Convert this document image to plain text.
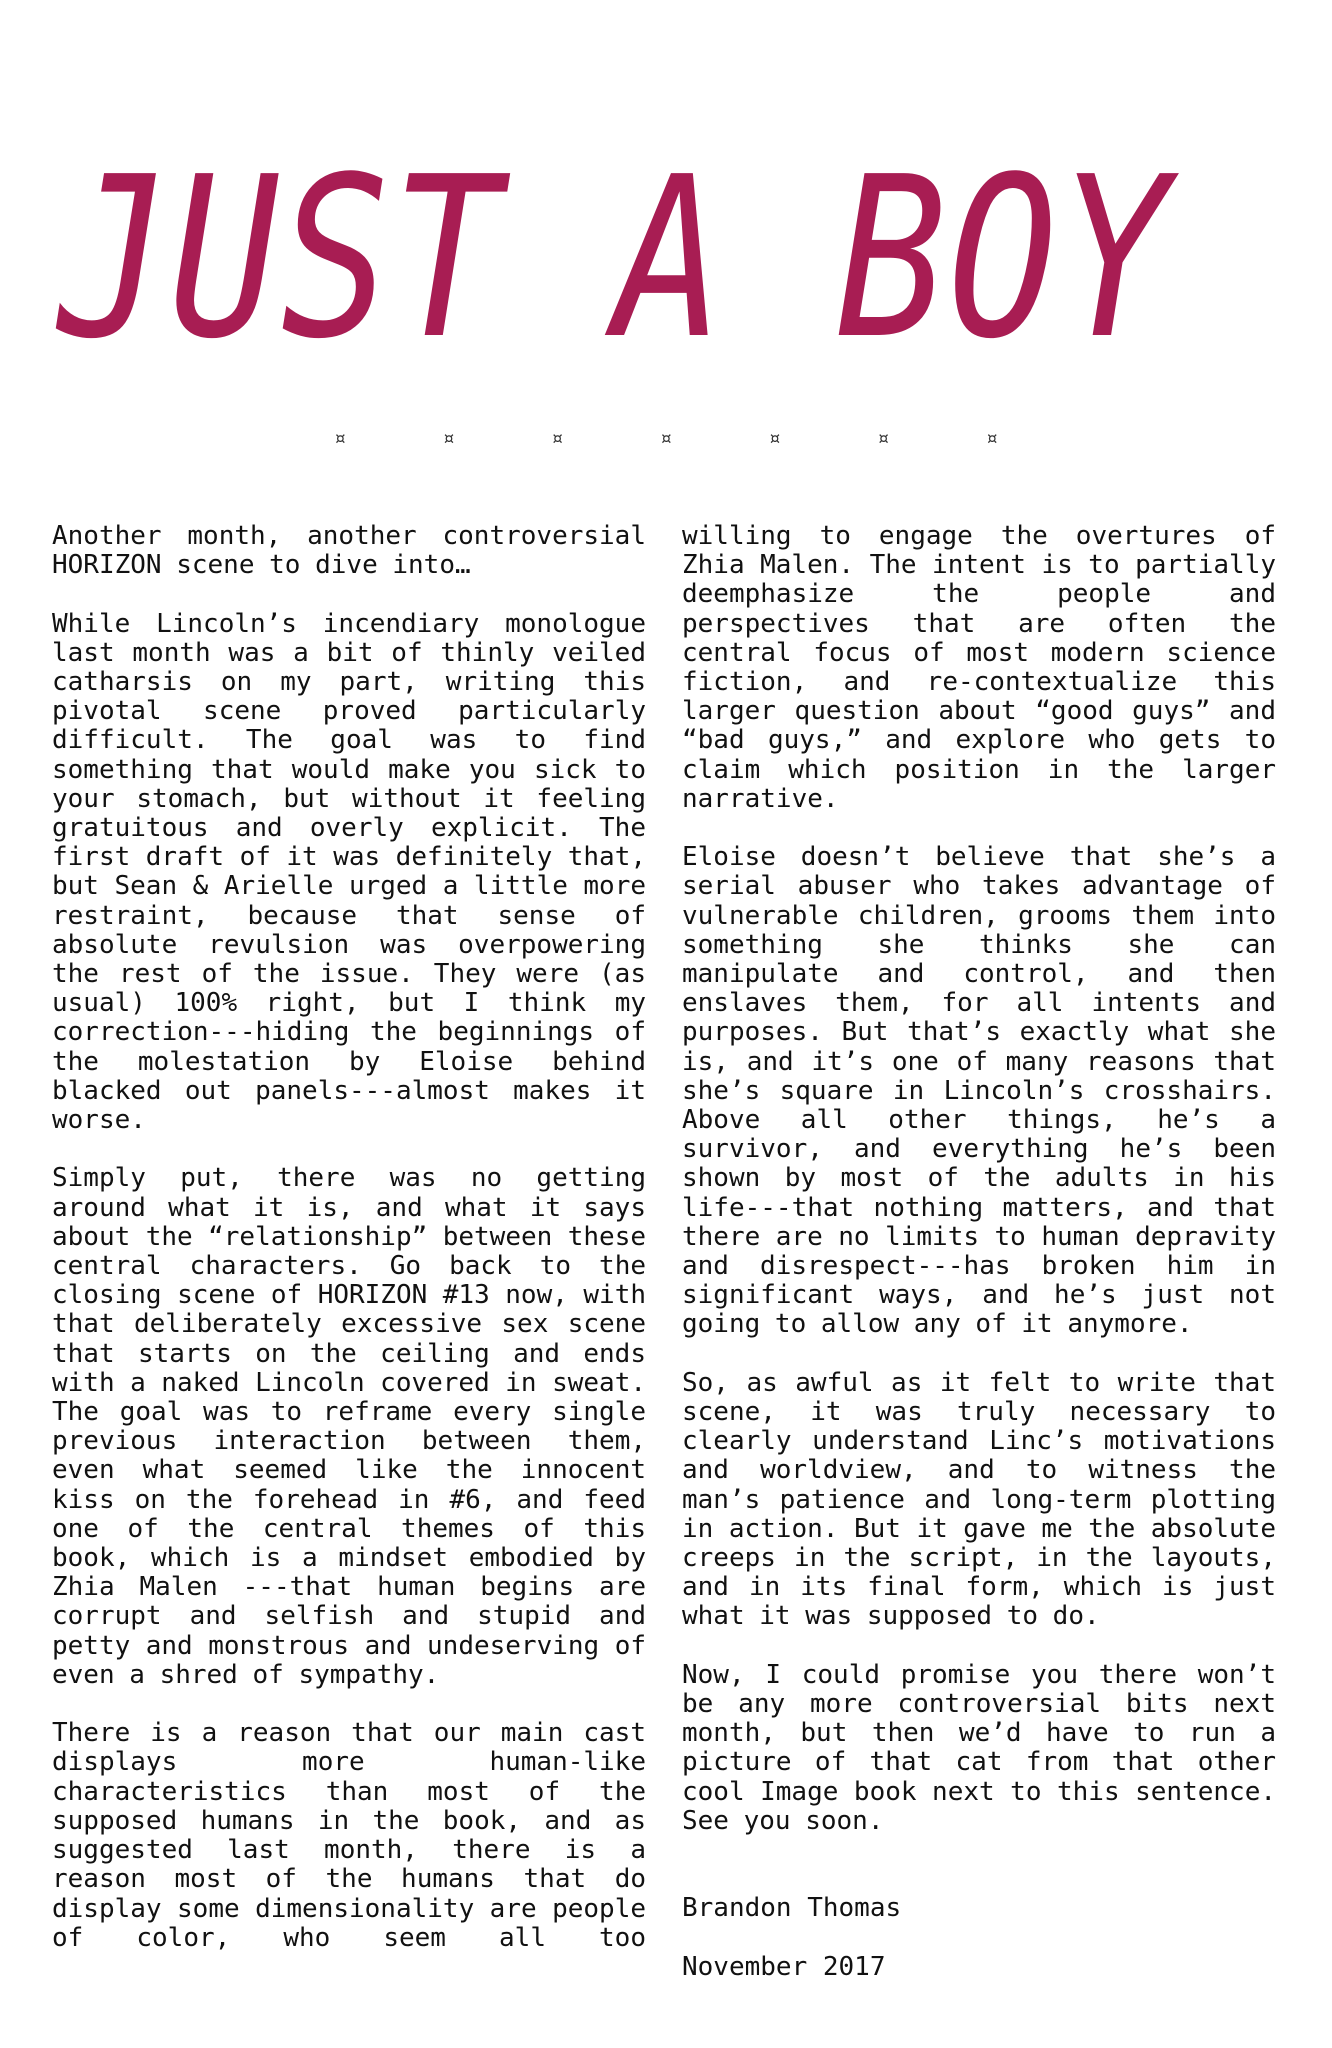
JUST A BOY
¤	¤	¤	¤	¤	¤	¤

Another month, another controversial HORIZON scene to dive into…

While Lincoln’s incendiary monologue last month was a bit of thinly veiled catharsis on my part, writing this pivotal scene proved particularly difficult. The goal was to find something that would make you sick to your stomach, but without it feeling gratuitous and overly explicit. The first draft of it was definitely that, but Sean & Arielle urged a little more restraint, because that sense of absolute revulsion was overpowering the rest of the issue. They were (as usual) 100% right, but I think my correction---hiding the beginnings of the molestation by Eloise behind blacked out panels---almost makes it worse.

Simply put, there was no getting around what it is, and what it says about the “relationship” between these central characters. Go back to the closing scene of HORIZON #13 now, with that deliberately excessive sex scene that starts on the ceiling and ends with a naked Lincoln covered in sweat. The goal was to reframe every single previous interaction between them, even what seemed like the innocent kiss on the forehead in #6, and feed one of the central themes of this book, which is a mindset embodied by Zhia Malen ---that human begins are corrupt and selfish and stupid and petty and monstrous and undeserving of even a shred of sympathy.

There is a reason that our main cast displays more human-like characteristics than most of the supposed humans in the book, and as suggested last month, there is a reason most of the humans that do display some dimensionality are people of color, who seem all too

willing to engage the overtures of Zhia Malen. The intent is to partially deemphasize the people and perspectives that are often the central focus of most modern science fiction, and re-contextualize this larger question about “good guys” and “bad guys,” and explore who gets to claim which position in the larger narrative.

Eloise doesn’t believe that she’s a serial abuser who takes advantage of vulnerable children, grooms them into something she thinks she can manipulate and control, and then enslaves them, for all intents and purposes. But that’s exactly what she is, and it’s one of many reasons that she’s square in Lincoln’s crosshairs. Above all other things, he’s a survivor, and everything he’s been shown by most of the adults in his life---that nothing matters, and that there are no limits to human depravity and disrespect---has broken him in significant ways, and he’s just not going to allow any of it anymore.

So, as awful as it felt to write that scene, it was truly necessary to clearly understand Linc’s motivations and worldview, and to witness the man’s patience and long-term plotting in action. But it gave me the absolute creeps in the script, in the layouts, and in its final form, which is just what it was supposed to do.

Now, I could promise you there won’t be any more controversial bits next month, but then we’d have to run a picture of that cat from that other cool Image book next to this sentence. See you soon.

Brandon Thomas

November 2017
